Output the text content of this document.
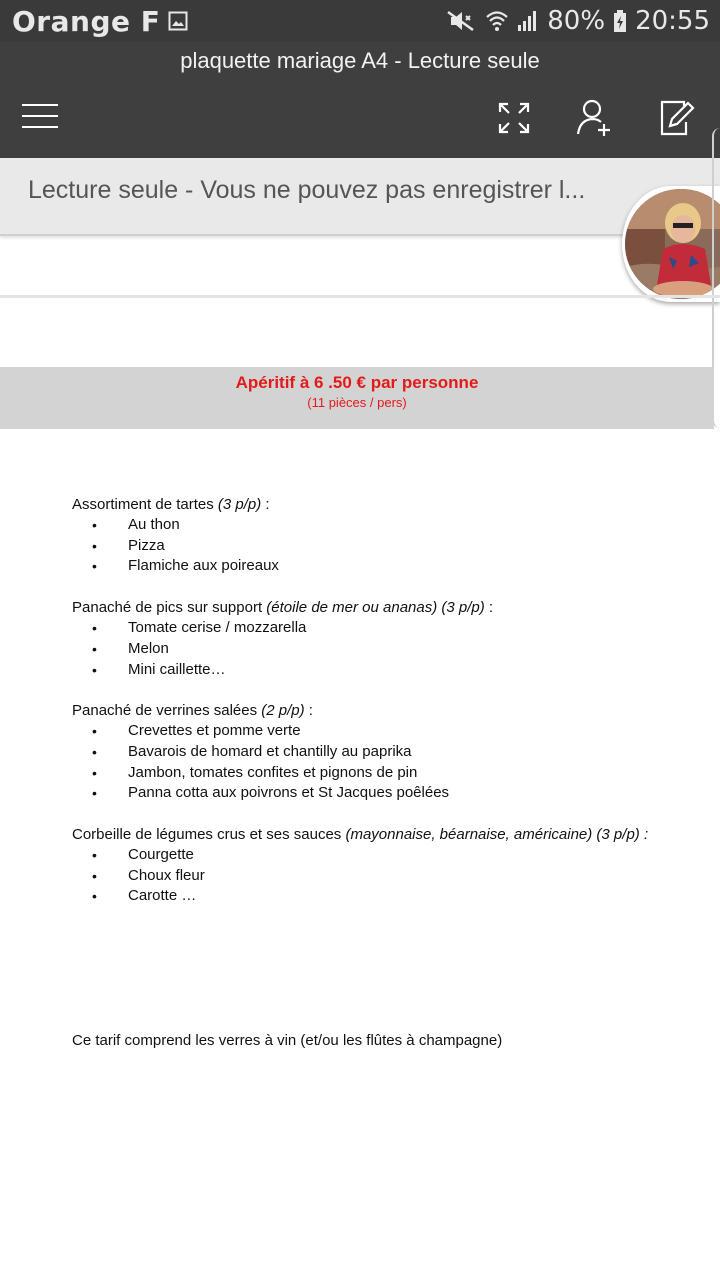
Orange F	80% 20:55
plaquette mariage A4 - Lecture seule
Lecture seule - Vous ne pouvez pas enregistrer l...
Apéritif à 6 .50 € par personne
(11 pièces / pers)
Assortiment de tartes (3 p/p) :
• Au thon
• Pizza
• Flamiche aux poireaux
Panaché de pics sur support (étoile de mer ou ananas) (3 p/p) :
• Tomate cerise / mozzarella
• Melon
• Mini caillette…
Panaché de verrines salées (2 p/p) :
• Crevettes et pomme verte
• Bavarois de homard et chantilly au paprika
• Jambon, tomates confites et pignons de pin
• Panna cotta aux poivrons et St Jacques poêlées
Corbeille de légumes crus et ses sauces (mayonnaise, béarnaise, américaine) (3 p/p) :
• Courgette
• Choux fleur
• Carotte …
Ce tarif comprend les verres à vin (et/ou les flûtes à champagne)
